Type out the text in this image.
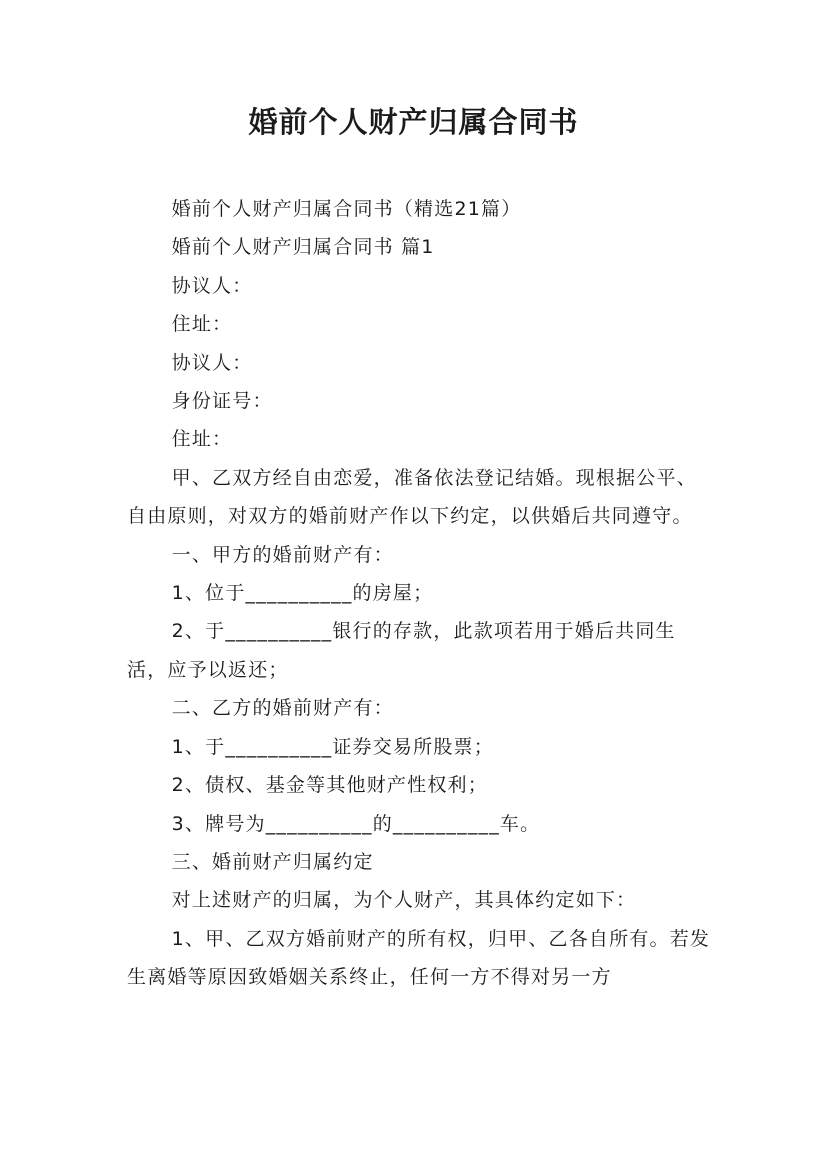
婚前个人财产归属合同书

婚前个人财产归属合同书（精选21篇）

婚前个人财产归属合同书 篇1

协议人：

住址：

协议人：

身份证号：

住址：

甲、乙双方经自由恋爱，准备依法登记结婚。现根据公平、自由原则，对双方的婚前财产作以下约定，以供婚后共同遵守。

一、甲方的婚前财产有：

1、位于__________的房屋；

2、于__________银行的存款，此款项若用于婚后共同生活，应予以返还；

二、乙方的婚前财产有：

1、于__________证券交易所股票；

2、债权、基金等其他财产性权利；

3、牌号为__________的__________车。

三、婚前财产归属约定

对上述财产的归属，为个人财产，其具体约定如下：

1、甲、乙双方婚前财产的所有权，归甲、乙各自所有。若发生离婚等原因致婚姻关系终止，任何一方不得对另一方
